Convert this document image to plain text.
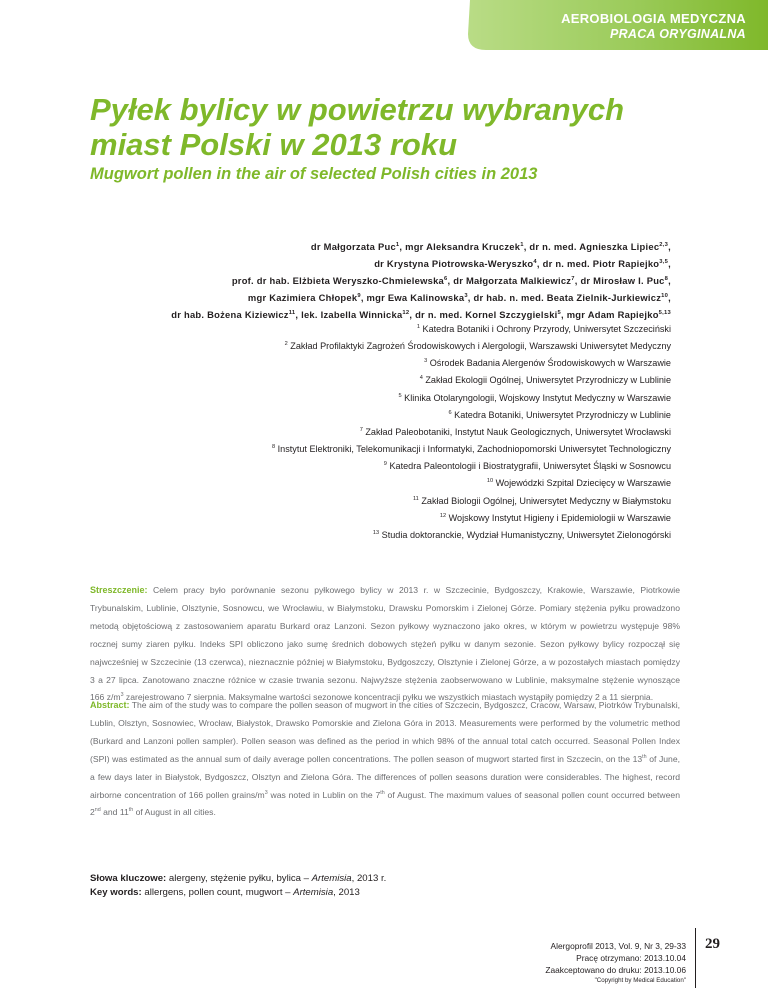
AEROBIOLOGIA MEDYCZNA
PRACA ORYGINALNA
Pyłek bylicy w powietrzu wybranych
miast Polski w 2013 roku
Mugwort pollen in the air of selected Polish cities in 2013
dr Małgorzata Puc$^1$, mgr Aleksandra Kruczek$^1$, dr n. med. Agnieszka Lipiec$^{2,3}$,
dr Krystyna Piotrowska-Weryszko$^4$, dr n. med. Piotr Rapiejko$^{3,5}$,
prof. dr hab. Elżbieta Weryszko-Chmielewska$^6$, dr Małgorzata Malkiewicz$^7$, dr Mirosław I. Puc$^8$,
mgr Kazimiera Chłopek$^9$, mgr Ewa Kalinowska$^3$, dr hab. n. med. Beata Zielnik-Jurkiewicz$^{10}$,
dr hab. Bożena Kiziewicz$^{11}$, lek. Izabella Winnicka$^{12}$, dr n. med. Kornel Szczygielski$^5$, mgr Adam Rapiejko$^{5,13}$
$^1$ Katedra Botaniki i Ochrony Przyrody, Uniwersytet Szczeciński
$^2$ Zakład Profilaktyki Zagrożeń Środowiskowych i Alergologii, Warszawski Uniwersytet Medyczny
$^3$ Ośrodek Badania Alergenów Środowiskowych w Warszawie
$^4$ Zakład Ekologii Ogólnej, Uniwersytet Przyrodniczy w Lublinie
$^5$ Klinika Otolaryngologii, Wojskowy Instytut Medyczny w Warszawie
$^6$ Katedra Botaniki, Uniwersytet Przyrodniczy w Lublinie
$^7$ Zakład Paleobotaniki, Instytut Nauk Geologicznych, Uniwersytet Wrocławski
$^8$ Instytut Elektroniki, Telekomunikacji i Informatyki, Zachodniopomorski Uniwersytet Technologiczny
$^9$ Katedra Paleontologii i Biostratygrafii, Uniwersytet Śląski w Sosnowcu
$^{10}$ Wojewódzki Szpital Dziecięcy w Warszawie
$^{11}$ Zakład Biologii Ogólnej, Uniwersytet Medyczny w Białymstoku
$^{12}$ Wojskowy Instytut Higieny i Epidemiologii w Warszawie
$^{13}$ Studia doktoranckie, Wydział Humanistyczny, Uniwersytet Zielonogórski
Streszczenie: Celem pracy było porównanie sezonu pyłkowego bylicy w 2013 r. w Szczecinie, Bydgoszczy, Krakowie, Warszawie, Piotrkowie Trybunalskim, Lublinie, Olsztynie, Sosnowcu, we Wrocławiu, w Białymstoku, Drawsku Pomorskim i Zielonej Górze. Pomiary stężenia pyłku prowadzono metodą objętościową z zastosowaniem aparatu Burkard oraz Lanzoni. Sezon pyłkowy wyznaczono jako okres, w którym w powietrzu występuje 98% rocznej sumy ziaren pyłku. Indeks SPI obliczono jako sumę średnich dobowych stężeń pyłku w danym sezonie. Sezon pyłkowy bylicy rozpoczął się najwcześniej w Szczecinie (13 czerwca), nieznacznie później w Białymstoku, Bydgoszczy, Olsztynie i Zielonej Górze, a w pozostałych miastach pomiędzy 3 a 27 lipca. Zanotowano znaczne różnice w czasie trwania sezonu. Najwyższe stężenia zaobserwowano w Lublinie, maksymalne stężenie wynoszące 166 $z/m^3$ zarejestrowano 7 sierpnia. Maksymalne wartości sezonowe koncentracji pyłku we wszystkich miastach wystąpiły pomiędzy 2 a 11 sierpnia.
Abstract: The aim of the study was to compare the pollen season of mugwort in the cities of Szczecin, Bydgoszcz, Cracow, Warsaw, Piotrków Trybunalski, Lublin, Olsztyn, Sosnowiec, Wrocław, Białystok, Drawsko Pomorskie and Zielona Góra in 2013. Measurements were performed by the volumetric method (Burkard and Lanzoni pollen sampler). Pollen season was defined as the period in which 98% of the annual total catch occurred. Seasonal Pollen Index (SPI) was estimated as the annual sum of daily average pollen concentrations. The pollen season of mugwort started first in Szczecin, on the 13th of June, a few days later in Białystok, Bydgoszcz, Olsztyn and Zielona Góra. The differences of pollen seasons duration were considerables. The highest, record airborne concentration of 166 pollen grains/$m^3$ was noted in Lublin on the 7th of August. The maximum values of seasonal pollen count occurred between 2nd and 11th of August in all cities.
Słowa kluczowe: alergeny, stężenie pyłku, bylica – Artemisia, 2013 r.
Key words: allergens, pollen count, mugwort – Artemisia, 2013
Alergoprofil 2013, Vol. 9, Nr 3, 29-33
Pracę otrzymano: 2013.10.04
Zaakceptowano do druku: 2013.10.06
"Copyright by Medical Education"
29
